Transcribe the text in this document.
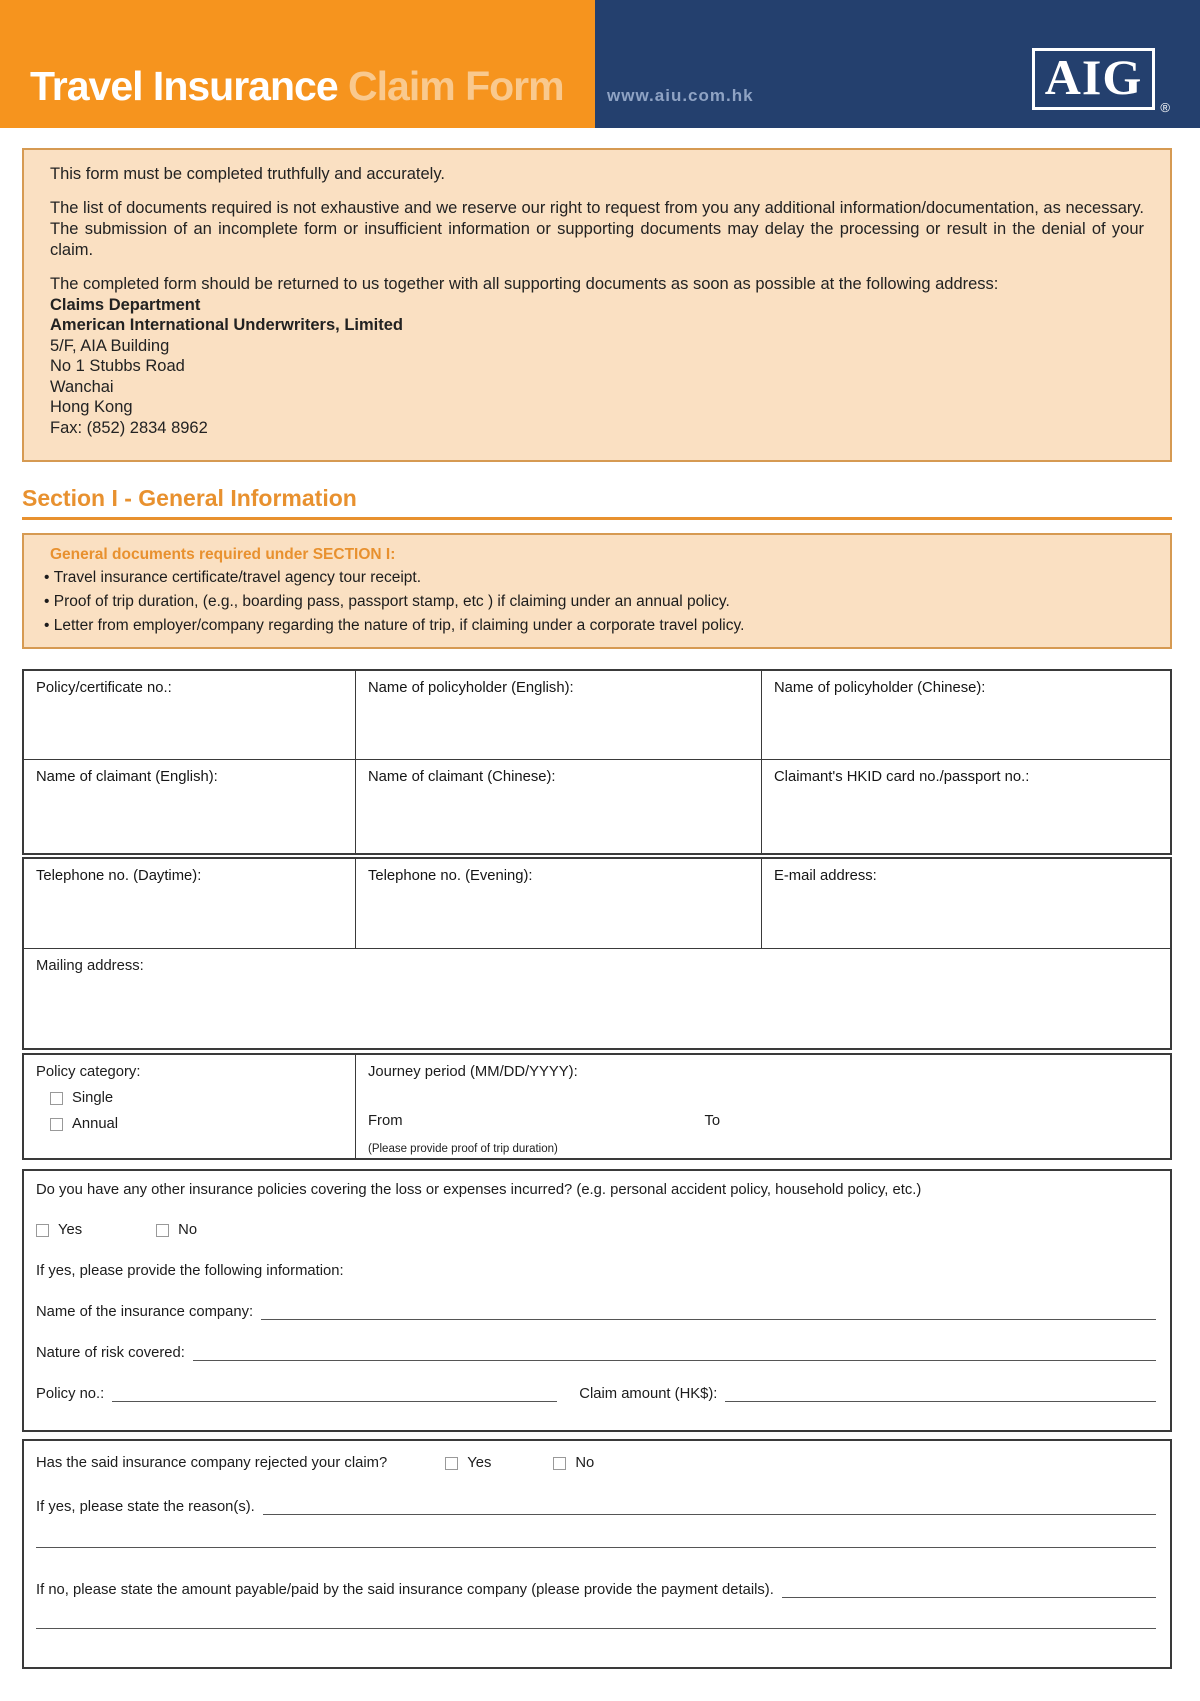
Travel Insurance Claim Form	www.aiu.com.hk	AIG
®

This form must be completed truthfully and accurately.

The list of documents required is not exhaustive and we reserve our right to request from you any additional information/documentation, as necessary. The submission of an incomplete form or insufficient information or supporting documents may delay the processing or result in the denial of your claim.

The completed form should be returned to us together with all supporting documents as soon as possible at the following address:
Claims Department
American International Underwriters, Limited
5/F, AIA Building
No 1 Stubbs Road
Wanchai
Hong Kong
Fax: (852) 2834 8962
Section I - General Information
General documents required under SECTION I:
• Travel insurance certificate/travel agency tour receipt.
• Proof of trip duration, (e.g., boarding pass, passport stamp, etc ) if claiming under an annual policy.
• Letter from employer/company regarding the nature of trip, if claiming under a corporate travel policy.
Policy/certificate no.:	Name of policyholder (English):	Name of policyholder (Chinese):
Name of claimant (English):	Name of claimant (Chinese):	Claimant's HKID card no./passport no.:
Telephone no. (Daytime):	Telephone no. (Evening):	E-mail address:
Mailing address:
Policy category:
Single
Annual
Journey period (MM/DD/YYYY):
From	To
(Please provide proof of trip duration)
Do you have any other insurance policies covering the loss or expenses incurred? (e.g. personal accident policy, household policy, etc.)
Yes	No
If yes, please provide the following information:
Name of the insurance company:
Nature of risk covered:
Policy no.:	Claim amount (HK$):
Has the said insurance company rejected your claim?	Yes	No
If yes, please state the reason(s).
If no, please state the amount payable/paid by the said insurance company (please provide the payment details).
